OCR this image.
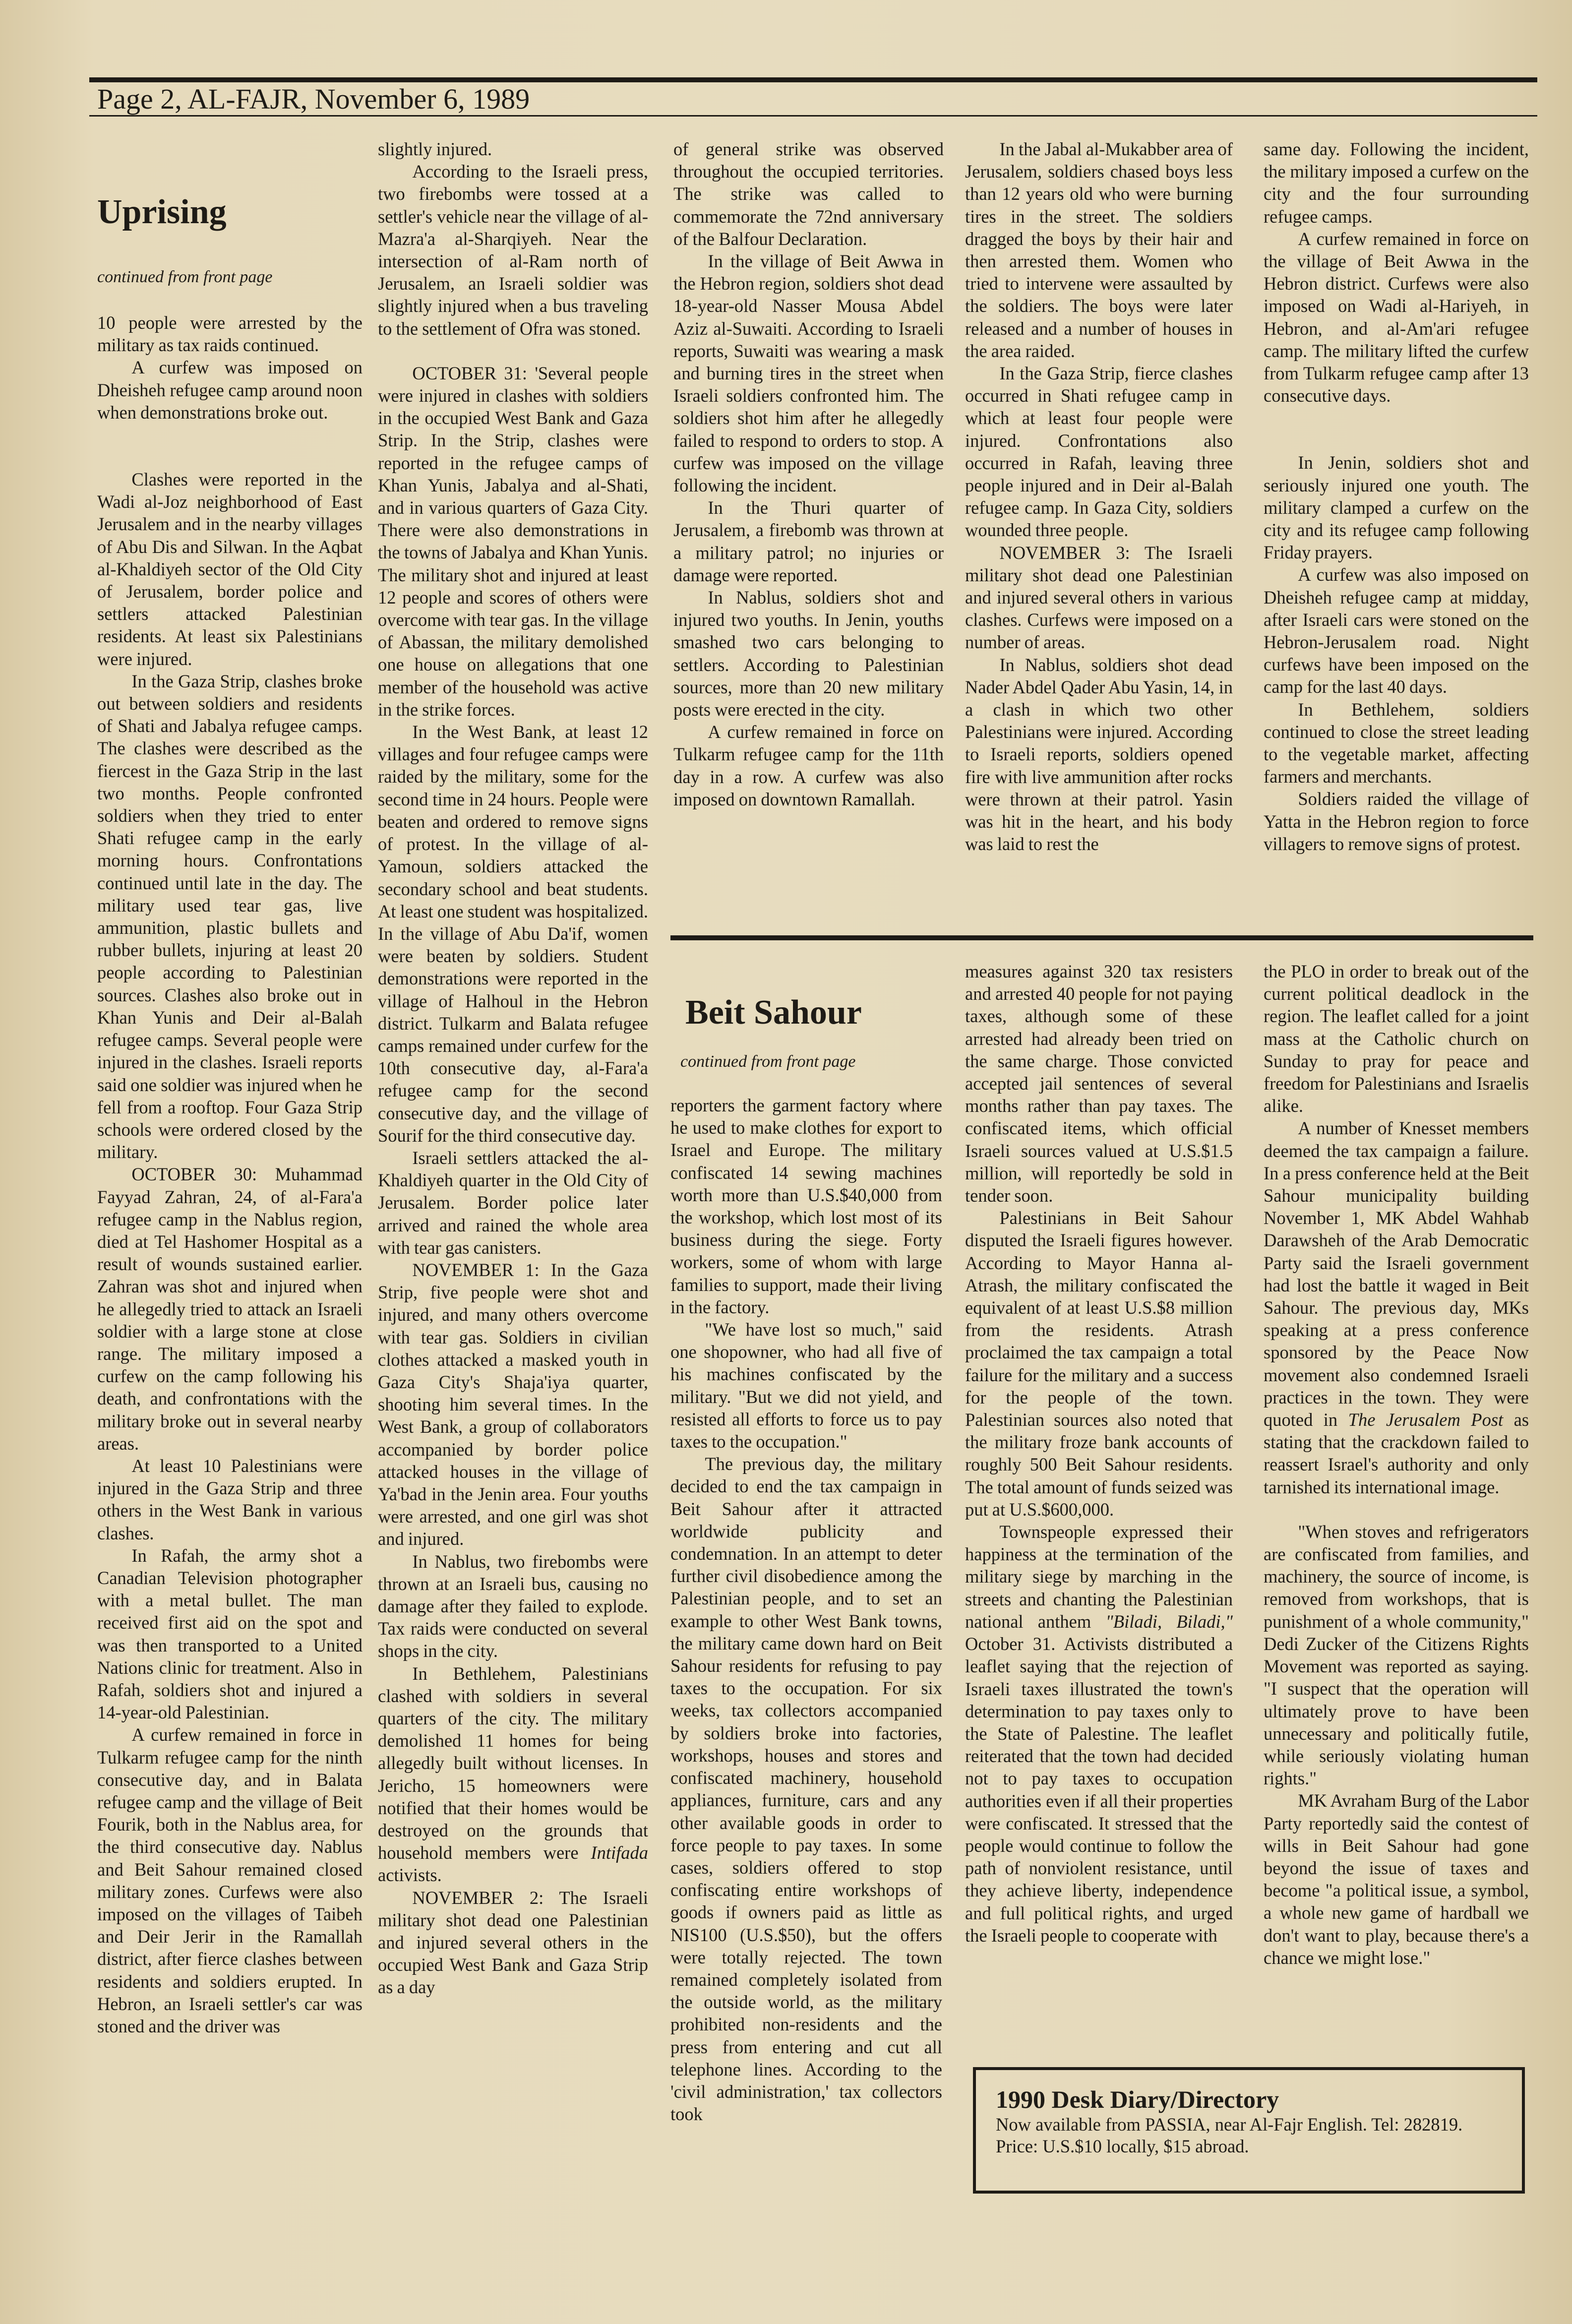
Page 2, AL-FAJR, November 6, 1989
Uprising
continued from front page

10 people were arrested by the military as tax raids continued.

A curfew was imposed on Dheisheh refugee camp around noon when demonstrations broke out.

Clashes were reported in the Wadi al-Joz neighborhood of East Jerusalem and in the nearby villages of Abu Dis and Silwan. In the Aqbat al-Khaldiyeh sector of the Old City of Jerusalem, border police and settlers attacked Palestinian residents. At least six Palestinians were injured.

In the Gaza Strip, clashes broke out between soldiers and residents of Shati and Jabalya refugee camps. The clashes were described as the fiercest in the Gaza Strip in the last two months. People confronted soldiers when they tried to enter Shati refugee camp in the early morning hours. Confrontations continued until late in the day. The military used tear gas, live ammunition, plastic bullets and rubber bullets, injuring at least 20 people according to Palestinian sources. Clashes also broke out in Khan Yunis and Deir al-Balah refugee camps. Several people were injured in the clashes. Israeli reports said one soldier was injured when he fell from a rooftop. Four Gaza Strip schools were ordered closed by the military.

OCTOBER 30: Muhammad Fayyad Zahran, 24, of al-Fara'a refugee camp in the Nablus region, died at Tel Hashomer Hospital as a result of wounds sustained earlier. Zahran was shot and injured when he allegedly tried to attack an Israeli soldier with a large stone at close range. The military imposed a curfew on the camp following his death, and confrontations with the military broke out in several nearby areas.

At least 10 Palestinians were injured in the Gaza Strip and three others in the West Bank in various clashes.

In Rafah, the army shot a Canadian Television photographer with a metal bullet. The man received first aid on the spot and was then transported to a United Nations clinic for treatment. Also in Rafah, soldiers shot and injured a 14-year-old Palestinian.

A curfew remained in force in Tulkarm refugee camp for the ninth consecutive day, and in Balata refugee camp and the village of Beit Fourik, both in the Nablus area, for the third consecutive day. Nablus and Beit Sahour remained closed military zones. Curfews were also imposed on the villages of Taibeh and Deir Jerir in the Ramallah district, after fierce clashes between residents and soldiers erupted. In Hebron, an Israeli settler's car was stoned and the driver was

slightly injured.

According to the Israeli press, two firebombs were tossed at a settler's vehicle near the village of al-Mazra'a al-Sharqiyeh. Near the intersection of al-Ram north of Jerusalem, an Israeli soldier was slightly injured when a bus traveling to the settlement of Ofra was stoned.

OCTOBER 31: 'Several people were injured in clashes with soldiers in the occupied West Bank and Gaza Strip. In the Strip, clashes were reported in the refugee camps of Khan Yunis, Jabalya and al-Shati, and in various quarters of Gaza City. There were also demonstrations in the towns of Jabalya and Khan Yunis. The military shot and injured at least 12 people and scores of others were overcome with tear gas. In the village of Abassan, the military demolished one house on allegations that one member of the household was active in the strike forces.

In the West Bank, at least 12 villages and four refugee camps were raided by the military, some for the second time in 24 hours. People were beaten and ordered to remove signs of protest. In the village of al-Yamoun, soldiers attacked the secondary school and beat students. At least one student was hospitalized. In the village of Abu Da'if, women were beaten by soldiers. Student demonstrations were reported in the village of Halhoul in the Hebron district. Tulkarm and Balata refugee camps remained under curfew for the 10th consecutive day, al-Fara'a refugee camp for the second consecutive day, and the village of Sourif for the third consecutive day.

Israeli settlers attacked the al-Khaldiyeh quarter in the Old City of Jerusalem. Border police later arrived and rained the whole area with tear gas canisters.

NOVEMBER 1: In the Gaza Strip, five people were shot and injured, and many others overcome with tear gas. Soldiers in civilian clothes attacked a masked youth in Gaza City's Shaja'iya quarter, shooting him several times. In the West Bank, a group of collaborators accompanied by border police attacked houses in the village of Ya'bad in the Jenin area. Four youths were arrested, and one girl was shot and injured.

In Nablus, two firebombs were thrown at an Israeli bus, causing no damage after they failed to explode. Tax raids were conducted on several shops in the city.

In Bethlehem, Palestinians clashed with soldiers in several quarters of the city. The military demolished 11 homes for being allegedly built without licenses. In Jericho, 15 homeowners were notified that their homes would be destroyed on the grounds that household members were Intifada activists.

NOVEMBER 2: The Israeli military shot dead one Palestinian and injured several others in the occupied West Bank and Gaza Strip as a day

of general strike was observed throughout the occupied territories. The strike was called to commemorate the 72nd anniversary of the Balfour Declaration.

In the village of Beit Awwa in the Hebron region, soldiers shot dead 18-year-old Nasser Mousa Abdel Aziz al-Suwaiti. According to Israeli reports, Suwaiti was wearing a mask and burning tires in the street when Israeli soldiers confronted him. The soldiers shot him after he allegedly failed to respond to orders to stop. A curfew was imposed on the village following the incident.

In the Thuri quarter of Jerusalem, a firebomb was thrown at a military patrol; no injuries or damage were reported.

In Nablus, soldiers shot and injured two youths. In Jenin, youths smashed two cars belonging to settlers. According to Palestinian sources, more than 20 new military posts were erected in the city.

A curfew remained in force on Tulkarm refugee camp for the 11th day in a row. A curfew was also imposed on downtown Ramallah.

In the Jabal al-Mukabber area of Jerusalem, soldiers chased boys less than 12 years old who were burning tires in the street. The soldiers dragged the boys by their hair and then arrested them. Women who tried to intervene were assaulted by the soldiers. The boys were later released and a number of houses in the area raided.

In the Gaza Strip, fierce clashes occurred in Shati refugee camp in which at least four people were injured. Confrontations also occurred in Rafah, leaving three people injured and in Deir al-Balah refugee camp. In Gaza City, soldiers wounded three people.

NOVEMBER 3: The Israeli military shot dead one Palestinian and injured several others in various clashes. Curfews were imposed on a number of areas.

In Nablus, soldiers shot dead Nader Abdel Qader Abu Yasin, 14, in a clash in which two other Palestinians were injured. According to Israeli reports, soldiers opened fire with live ammunition after rocks were thrown at their patrol. Yasin was hit in the heart, and his body was laid to rest the

same day. Following the incident, the military imposed a curfew on the city and the four surrounding refugee camps.

A curfew remained in force on the village of Beit Awwa in the Hebron district. Curfews were also imposed on Wadi al-Hariyeh, in Hebron, and al-Am'ari refugee camp. The military lifted the curfew from Tulkarm refugee camp after 13 consecutive days.

In Jenin, soldiers shot and seriously injured one youth. The military clamped a curfew on the city and its refugee camp following Friday prayers.

A curfew was also imposed on Dheisheh refugee camp at midday, after Israeli cars were stoned on the Hebron-Jerusalem road. Night curfews have been imposed on the camp for the last 40 days.

In Bethlehem, soldiers continued to close the street leading to the vegetable market, affecting farmers and merchants.

Soldiers raided the village of Yatta in the Hebron region to force villagers to remove signs of protest.

Beit Sahour
continued from front page

reporters the garment factory where he used to make clothes for export to Israel and Europe. The military confiscated 14 sewing machines worth more than U.S.$40,000 from the workshop, which lost most of its business during the siege. Forty workers, some of whom with large families to support, made their living in the factory.

"We have lost so much," said one shopowner, who had all five of his machines confiscated by the military. "But we did not yield, and resisted all efforts to force us to pay taxes to the occupation."

The previous day, the military decided to end the tax campaign in Beit Sahour after it attracted worldwide publicity and condemnation. In an attempt to deter further civil disobedience among the Palestinian people, and to set an example to other West Bank towns, the military came down hard on Beit Sahour residents for refusing to pay taxes to the occupation. For six weeks, tax collectors accompanied by soldiers broke into factories, workshops, houses and stores and confiscated machinery, household appliances, furniture, cars and any other available goods in order to force people to pay taxes. In some cases, soldiers offered to stop confiscating entire workshops of goods if owners paid as little as NIS100 (U.S.$50), but the offers were totally rejected. The town remained completely isolated from the outside world, as the military prohibited non-residents and the press from entering and cut all telephone lines. According to the 'civil administration,' tax collectors took

measures against 320 tax resisters and arrested 40 people for not paying taxes, although some of these arrested had already been tried on the same charge. Those convicted accepted jail sentences of several months rather than pay taxes. The confiscated items, which official Israeli sources valued at U.S.$1.5 million, will reportedly be sold in tender soon.

Palestinians in Beit Sahour disputed the Israeli figures however. According to Mayor Hanna al-Atrash, the military confiscated the equivalent of at least U.S.$8 million from the residents. Atrash proclaimed the tax campaign a total failure for the military and a success for the people of the town. Palestinian sources also noted that the military froze bank accounts of roughly 500 Beit Sahour residents. The total amount of funds seized was put at U.S.$600,000.

Townspeople expressed their happiness at the termination of the military siege by marching in the streets and chanting the Palestinian national anthem "Biladi, Biladi," October 31. Activists distributed a leaflet saying that the rejection of Israeli taxes illustrated the town's determination to pay taxes only to the State of Palestine. The leaflet reiterated that the town had decided not to pay taxes to occupation authorities even if all their properties were confiscated. It stressed that the people would continue to follow the path of nonviolent resistance, until they achieve liberty, independence and full political rights, and urged the Israeli people to cooperate with

the PLO in order to break out of the current political deadlock in the region. The leaflet called for a joint mass at the Catholic church on Sunday to pray for peace and freedom for Palestinians and Israelis alike.

A number of Knesset members deemed the tax campaign a failure. In a press conference held at the Beit Sahour municipality building November 1, MK Abdel Wahhab Darawsheh of the Arab Democratic Party said the Israeli government had lost the battle it waged in Beit Sahour. The previous day, MKs speaking at a press conference sponsored by the Peace Now movement also condemned Israeli practices in the town. They were quoted in The Jerusalem Post as stating that the crackdown failed to reassert Israel's authority and only tarnished its international image.

"When stoves and refrigerators are confiscated from families, and machinery, the source of income, is removed from workshops, that is punishment of a whole community," Dedi Zucker of the Citizens Rights Movement was reported as saying. "I suspect that the operation will ultimately prove to have been unnecessary and politically futile, while seriously violating human rights."

MK Avraham Burg of the Labor Party reportedly said the contest of wills in Beit Sahour had gone beyond the issue of taxes and become "a political issue, a symbol, a whole new game of hardball we don't want to play, because there's a chance we might lose."

1990 Desk Diary/Directory
Now available from PASSIA, near Al-Fajr English. Tel: 282819. Price: U.S.$10 locally, $15 abroad.
